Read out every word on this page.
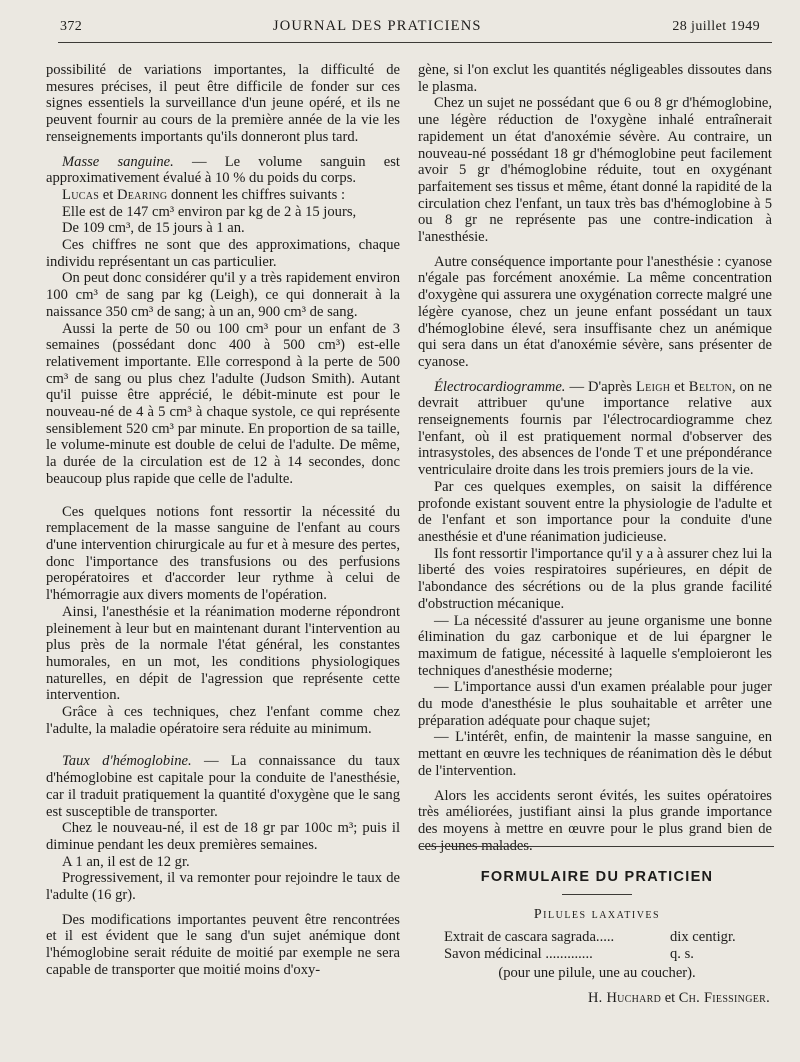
372	JOURNAL DES PRATICIENS	28 juillet 1949

possibilité de variations importantes, la difficulté de mesures précises, il peut être difficile de fonder sur ces signes essentiels la surveillance d'un jeune opéré, et ils ne peuvent fournir au cours de la première année de la vie les renseignements importants qu'ils donneront plus tard.

Masse sanguine. — Le volume sanguin est approximativement évalué à 10 % du poids du corps.

Lucas et Dearing donnent les chiffres suivants :

Elle est de 147 cm³ environ par kg de 2 à 15 jours,

De 109 cm³, de 15 jours à 1 an.

Ces chiffres ne sont que des approximations, chaque individu représentant un cas particulier.

On peut donc considérer qu'il y a très rapidement environ 100 cm³ de sang par kg (Leigh), ce qui donnerait à la naissance 350 cm³ de sang; à un an, 900 cm³ de sang.

Aussi la perte de 50 ou 100 cm³ pour un enfant de 3 semaines (possédant donc 400 à 500 cm³) est-elle relativement importante. Elle correspond à la perte de 500 cm³ de sang ou plus chez l'adulte (Judson Smith). Autant qu'il puisse être apprécié, le débit-minute est pour le nouveau-né de 4 à 5 cm³ à chaque systole, ce qui représente sensiblement 520 cm³ par minute. En proportion de sa taille, le volume-minute est double de celui de l'adulte. De même, la durée de la circulation est de 12 à 14 secondes, donc beaucoup plus rapide que celle de l'adulte.

Ces quelques notions font ressortir la nécessité du remplacement de la masse sanguine de l'enfant au cours d'une intervention chirurgicale au fur et à mesure des pertes, donc l'importance des transfusions ou des perfusions peropératoires et d'accorder leur rythme à celui de l'hémorragie aux divers moments de l'opération.

Ainsi, l'anesthésie et la réanimation moderne répondront pleinement à leur but en maintenant durant l'intervention au plus près de la normale l'état général, les constantes humorales, en un mot, les conditions physiologiques naturelles, en dépit de l'agression que représente cette intervention.

Grâce à ces techniques, chez l'enfant comme chez l'adulte, la maladie opératoire sera réduite au minimum.

Taux d'hémoglobine. — La connaissance du taux d'hémoglobine est capitale pour la conduite de l'anesthésie, car il traduit pratiquement la quantité d'oxygène que le sang est susceptible de transporter.

Chez le nouveau-né, il est de 18 gr par 100c m³; puis il diminue pendant les deux premières semaines.

A 1 an, il est de 12 gr.

Progressivement, il va remonter pour rejoindre le taux de l'adulte (16 gr).

Des modifications importantes peuvent être rencontrées et il est évident que le sang d'un sujet anémique dont l'hémoglobine serait réduite de moitié par exemple ne sera capable de transporter que moitié moins d'oxy-

gène, si l'on exclut les quantités négligeables dissoutes dans le plasma.

Chez un sujet ne possédant que 6 ou 8 gr d'hémoglobine, une légère réduction de l'oxygène inhalé entraînerait rapidement un état d'anoxémie sévère. Au contraire, un nouveau-né possédant 18 gr d'hémoglobine peut facilement avoir 5 gr d'hémoglobine réduite, tout en oxygénant parfaitement ses tissus et même, étant donné la rapidité de la circulation chez l'enfant, un taux très bas d'hémoglobine à 5 ou 8 gr ne représente pas une contre-indication à l'anesthésie.

Autre conséquence importante pour l'anesthésie : cyanose n'égale pas forcément anoxémie. La même concentration d'oxygène qui assurera une oxygénation correcte malgré une légère cyanose, chez un jeune enfant possédant un taux d'hémoglobine élevé, sera insuffisante chez un anémique qui sera dans un état d'anoxémie sévère, sans présenter de cyanose.

Électrocardiogramme. — D'après Leigh et Belton, on ne devrait attribuer qu'une importance relative aux renseignements fournis par l'électrocardiogramme chez l'enfant, où il est pratiquement normal d'observer des intrasystoles, des absences de l'onde T et une prépondérance ventriculaire droite dans les trois premiers jours de la vie.

Par ces quelques exemples, on saisit la différence profonde existant souvent entre la physiologie de l'adulte et de l'enfant et son importance pour la conduite d'une anesthésie et d'une réanimation judicieuse.

Ils font ressortir l'importance qu'il y a à assurer chez lui la liberté des voies respiratoires supérieures, en dépit de l'abondance des sécrétions ou de la plus grande facilité d'obstruction mécanique.

— La nécessité d'assurer au jeune organisme une bonne élimination du gaz carbonique et de lui épargner le maximum de fatigue, nécessité à laquelle s'emploieront les techniques d'anesthésie moderne;

— L'importance aussi d'un examen préalable pour juger du mode d'anesthésie le plus souhaitable et arrêter une préparation adéquate pour chaque sujet;

— L'intérêt, enfin, de maintenir la masse sanguine, en mettant en œuvre les techniques de réanimation dès le début de l'intervention.

Alors les accidents seront évités, les suites opératoires très améliorées, justifiant ainsi la plus grande importance des moyens à mettre en œuvre pour le plus grand bien de ces jeunes malades.

FORMULAIRE DU PRATICIEN
Pilules laxatives
Extrait de cascara sagrada.....	dix centigr.
Savon médicinal .............	q. s.
(pour une pilule, une au coucher).
H. Huchard et Ch. Fiessinger.
